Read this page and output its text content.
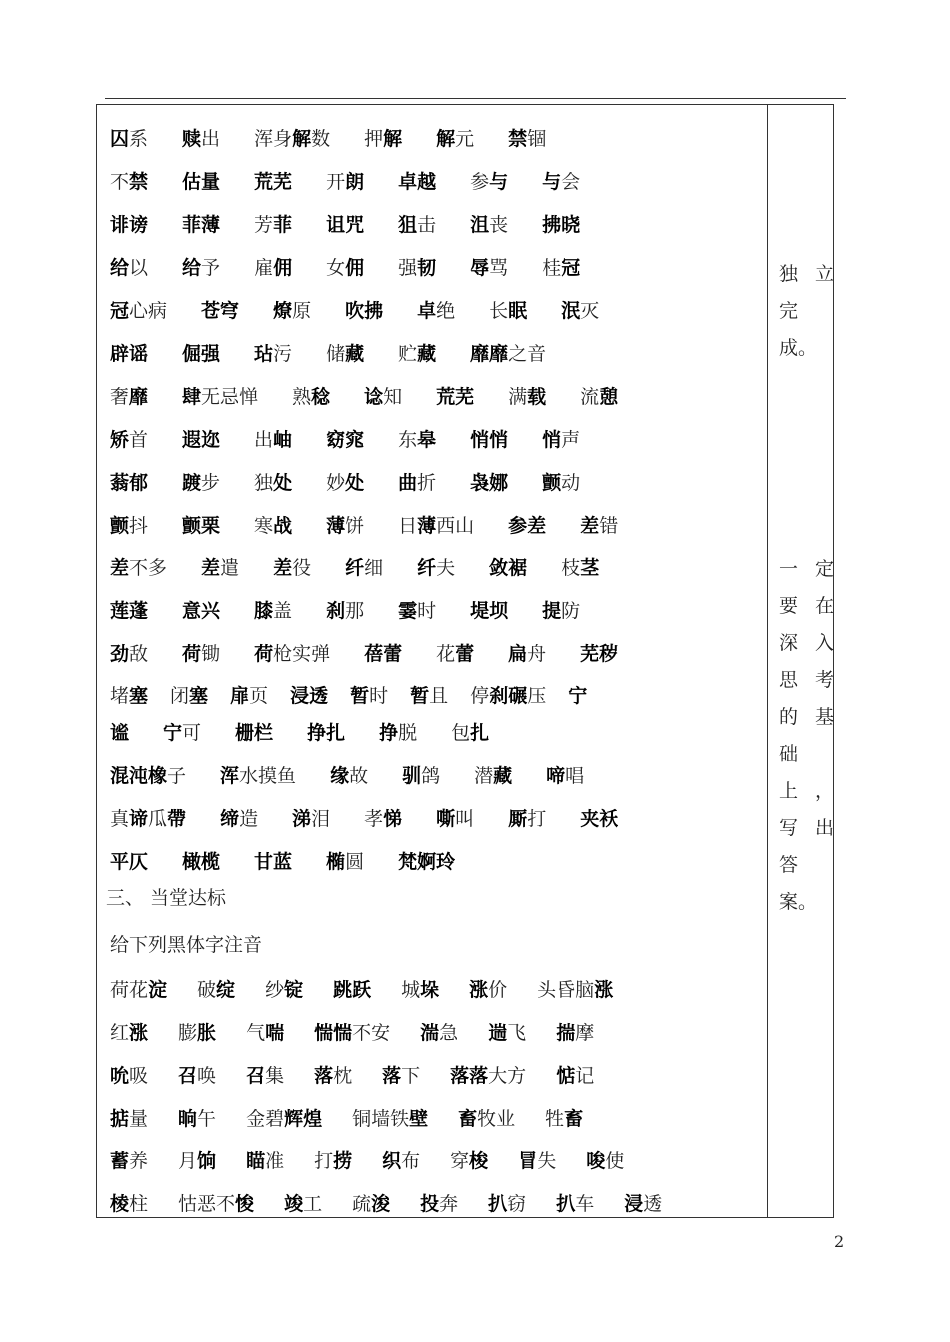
囚系 赎出 浑身解数 押解 解元 禁锢
不禁 估量 荒芜 开朗 卓越 参与 与会
诽谤 菲薄 芳菲 诅咒 狙击 沮丧 拂晓
给以 给予 雇佣 女佣 强韧 辱骂 桂冠
冠心病 苍穹 燎原 吹拂 卓绝 长眠 泯灭
辟谣 倔强 玷污 储藏 贮藏 靡靡之音
奢靡 肆无忌惮 熟稔 谂知 荒芜 满载 流憩
矫首 遐迩 出岫 窈窕 东皋 悄悄 悄声
蓊郁 踱步 独处 妙处 曲折 袅娜 颤动
颤抖 颤栗 寒战 薄饼 日薄西山 参差 差错
差不多 差遣 差役 纤细 纤夫 敛裾 枝茎
莲蓬 意兴 膝盖 刹那 霎时 堤坝 提防
劲敌 荷锄 荷枪实弹 蓓蕾 花蕾 扁舟 芜秽
堵塞 闭塞 扉页 浸透 暂时 暂且 停刹碾压 宁
谧 宁可 栅栏 挣扎 挣脱 包扎
混沌橡子 浑水摸鱼 缘故 驯鸽 潜藏 啼唱
真谛瓜帶 缔造 涕泪 孝悌 嘶叫 厮打 夹袄
平仄 橄榄 甘蓝 椭圆 梵婀玲
三、 当堂达标
给下列黑体字注音
荷花淀 破绽 纱锭 跳跃 城垛 涨价 头昏脑涨
红涨 膨胀 气喘 惴惴不安 湍急 遄飞 揣摩
吮吸 召唤 召集 落枕 落下 落落大方 惦记
掂量 晌午 金碧辉煌 铜墙铁壁 畜牧业 牲畜
蓄养 月饷 瞄准 打捞 织布 穿梭 冒失 唆使
棱柱 怙恶不悛 竣工 疏浚 投奔 扒窃 扒车 浸透
独 立
完
成。
一 定
要 在
深 入
思 考
的 基
础
上 ，
写 出
答
案。
2
